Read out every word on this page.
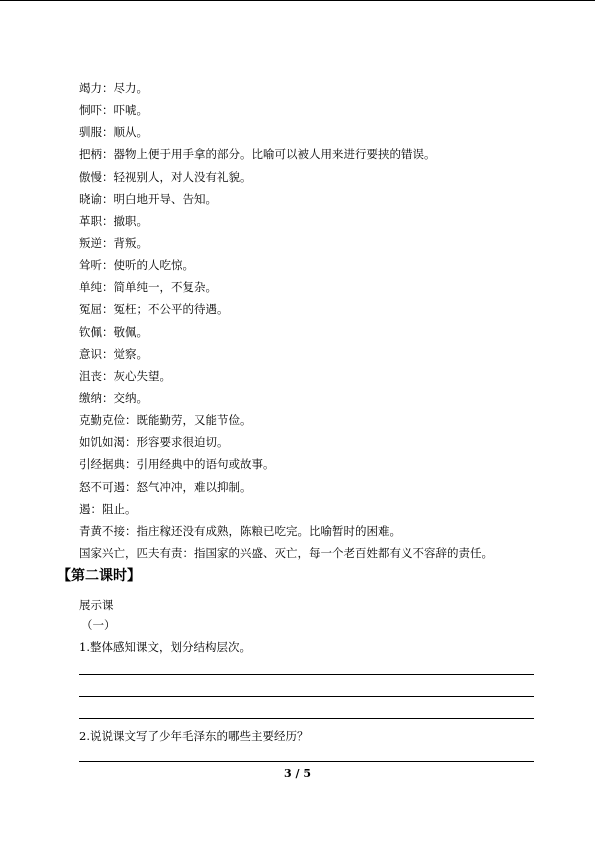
竭力：尽力。
恫吓：吓唬。
驯服：顺从。
把柄：器物上便于用手拿的部分。比喻可以被人用来进行要挟的错误。
傲慢：轻视别人，对人没有礼貌。
晓谕：明白地开导、告知。
革职：撤职。
叛逆：背叛。
耸听：使听的人吃惊。
单纯：简单纯一，不复杂。
冤屈：冤枉；不公平的待遇。
钦佩：敬佩。
意识：觉察。
沮丧：灰心失望。
缴纳：交纳。
克勤克俭：既能勤劳，又能节俭。
如饥如渴：形容要求很迫切。
引经据典：引用经典中的语句或故事。
怒不可遏：怒气冲冲，难以抑制。
遏：阻止。
青黄不接：指庄稼还没有成熟，陈粮已吃完。比喻暂时的困难。
国家兴亡，匹夫有责：指国家的兴盛、灭亡，每一个老百姓都有义不容辞的责任。
【第二课时】
展示课
（一）
1.整体感知课文，划分结构层次。
2.说说课文写了少年毛泽东的哪些主要经历？
3 / 5
